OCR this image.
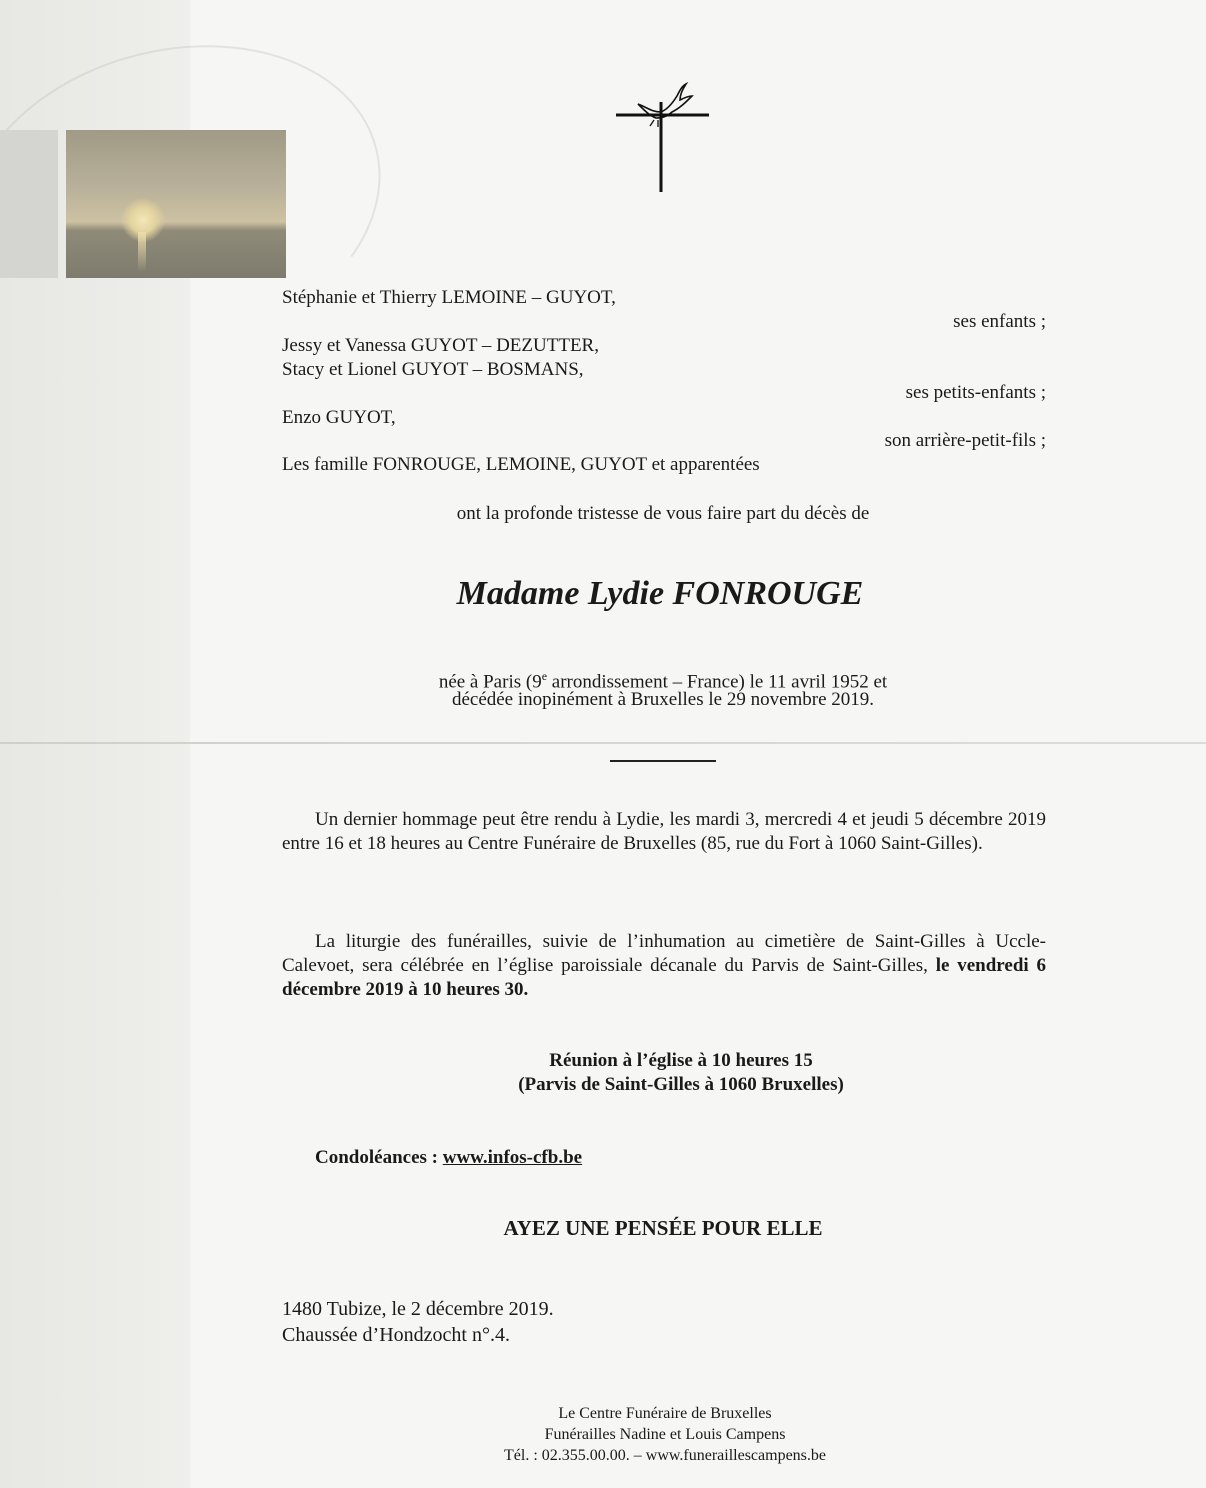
Stéphanie et Thierry LEMOINE – GUYOT,
ses enfants ;
Jessy et Vanessa GUYOT – DEZUTTER,
Stacy et Lionel GUYOT – BOSMANS,
ses petits-enfants ;
Enzo GUYOT,
son arrière-petit-fils ;
Les famille FONROUGE, LEMOINE, GUYOT et apparentées
ont la profonde tristesse de vous faire part du décès de
Madame Lydie FONROUGE
née à Paris (9e arrondissement – France) le 11 avril 1952 et
décédée inopinément à Bruxelles le 29 novembre 2019.
Un dernier hommage peut être rendu à Lydie, les mardi 3, mercredi 4 et jeudi 5 décembre 2019 entre 16 et 18 heures au Centre Funéraire de Bruxelles (85, rue du Fort à 1060 Saint-Gilles).
La liturgie des funérailles, suivie de l’inhumation au cimetière de Saint-Gilles à Uccle-Calevoet, sera célébrée en l’église paroissiale décanale du Parvis de Saint-Gilles, le vendredi 6 décembre 2019 à 10 heures 30.
Réunion à l’église à 10 heures 15
(Parvis de Saint-Gilles à 1060 Bruxelles)
Condoléances : www.infos-cfb.be
AYEZ UNE PENSÉE POUR ELLE
1480 Tubize, le 2 décembre 2019.
Chaussée d’Hondzocht n°.4.
Le Centre Funéraire de Bruxelles
Funérailles Nadine et Louis Campens
Tél. : 02.355.00.00. – www.funeraillescampens.be
